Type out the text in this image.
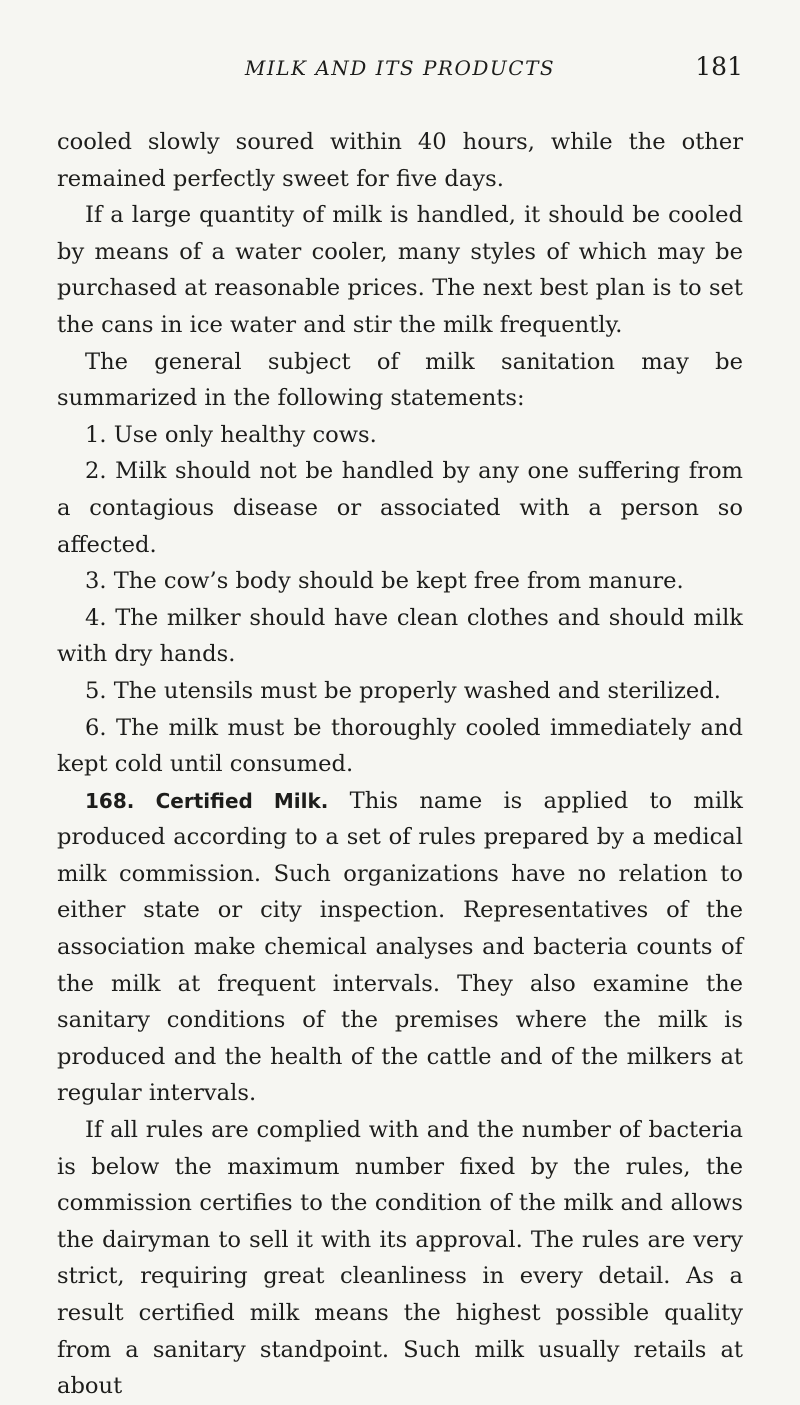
MILK AND ITS PRODUCTS	181

cooled slowly soured within 40 hours, while the other remained perfectly sweet for five days.

If a large quantity of milk is handled, it should be cooled by means of a water cooler, many styles of which may be purchased at reasonable prices. The next best plan is to set the cans in ice water and stir the milk frequently.

The general subject of milk sanitation may be summarized in the following statements:

1. Use only healthy cows.

2. Milk should not be handled by any one suffering from a contagious disease or associated with a person so affected.

3. The cow’s body should be kept free from manure.

4. The milker should have clean clothes and should milk with dry hands.

5. The utensils must be properly washed and sterilized.

6. The milk must be thoroughly cooled immediately and kept cold until consumed.

168. Certified Milk. This name is applied to milk produced according to a set of rules prepared by a medical milk commission. Such organizations have no relation to either state or city inspection. Representatives of the association make chemical analyses and bacteria counts of the milk at frequent intervals. They also examine the sanitary conditions of the premises where the milk is produced and the health of the cattle and of the milkers at regular intervals.

If all rules are complied with and the number of bacteria is below the maximum number fixed by the rules, the commission certifies to the condition of the milk and allows the dairyman to sell it with its approval. The rules are very strict, requiring great cleanliness in every detail. As a result certified milk means the highest possible quality from a sanitary standpoint. Such milk usually retails at about
